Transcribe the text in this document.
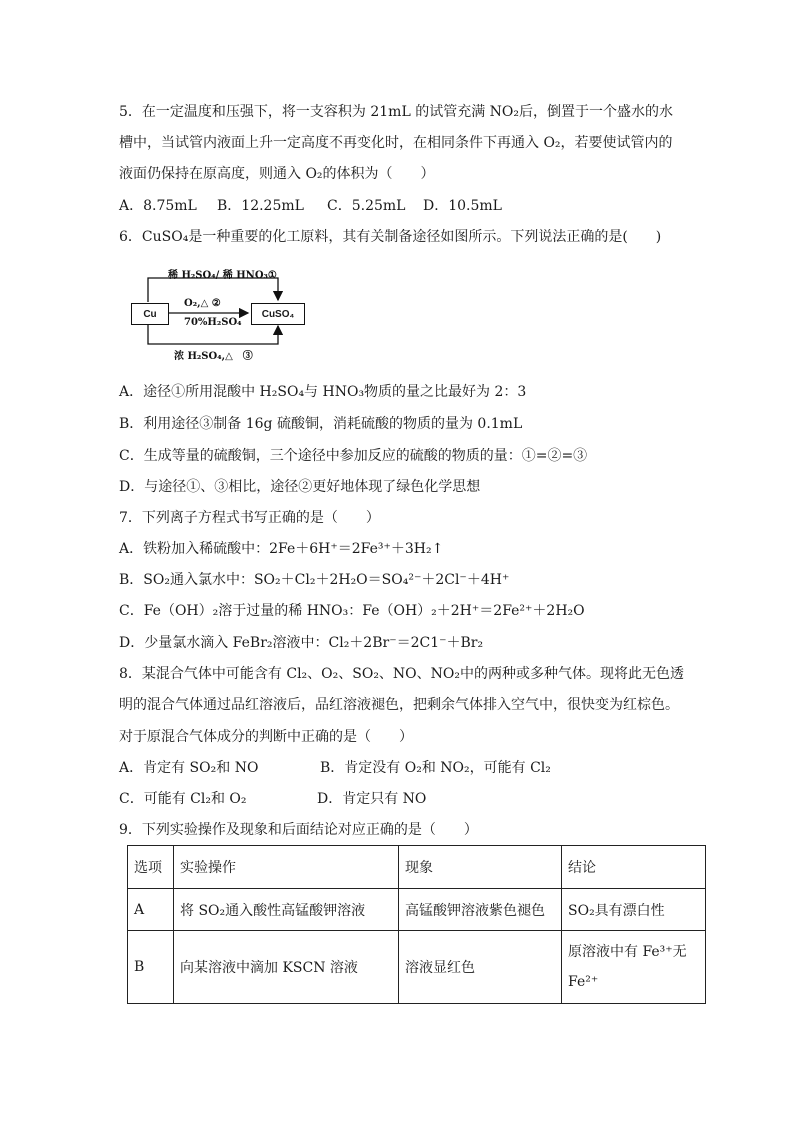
5．在一定温度和压强下，将一支容积为 21mL 的试管充满 NO₂后，倒置于一个盛水的水
槽中，当试管内液面上升一定高度不再变化时，在相同条件下再通入 O₂，若要使试管内的
液面仍保持在原高度，则通入 O₂的体积为（　　）
A．8.75mL B．12.25mL C．5.25mL D．10.5mL
6．CuSO₄是一种重要的化工原料，其有关制备途径如图所示。下列说法正确的是(　　)
稀 H₂SO₄/ 稀 HNO₃①
O₂,△ ②
70%H₂SO₄
浓 H₂SO₄,△　③
Cu	CuSO₄
A．途径①所用混酸中 H₂SO₄与 HNO₃物质的量之比最好为 2：3
B．利用途径③制备 16g 硫酸铜，消耗硫酸的物质的量为 0.1mL
C．生成等量的硫酸铜，三个途径中参加反应的硫酸的物质的量：①=②=③
D．与途径①、③相比，途径②更好地体现了绿色化学思想
7．下列离子方程式书写正确的是（　　）
A．铁粉加入稀硫酸中：2Fe＋6H⁺＝2Fe³⁺＋3H₂↑
B．SO₂通入氯水中：SO₂＋Cl₂＋2H₂O＝SO₄²⁻＋2Cl⁻＋4H⁺
C．Fe（OH）₂溶于过量的稀 HNO₃：Fe（OH）₂＋2H⁺＝2Fe²⁺＋2H₂O
D．少量氯水滴入 FeBr₂溶液中：Cl₂＋2Br⁻＝2C1⁻＋Br₂
8．某混合气体中可能含有 Cl₂、O₂、SO₂、NO、NO₂中的两种或多种气体。现将此无色透
明的混合气体通过品红溶液后，品红溶液褪色，把剩余气体排入空气中，很快变为红棕色。
对于原混合气体成分的判断中正确的是（　　）
A．肯定有 SO₂和 NO	B．肯定没有 O₂和 NO₂，可能有 Cl₂
C．可能有 Cl₂和 O₂	D．肯定只有 NO
9．下列实验操作及现象和后面结论对应正确的是（　　）
选项	实验操作	现象	结论
A	将 SO₂通入酸性高锰酸钾溶液	高锰酸钾溶液紫色褪色	SO₂具有漂白性
B	向某溶液中滴加 KSCN 溶液	溶液显红色	原溶液中有 Fe³⁺无 Fe²⁺
